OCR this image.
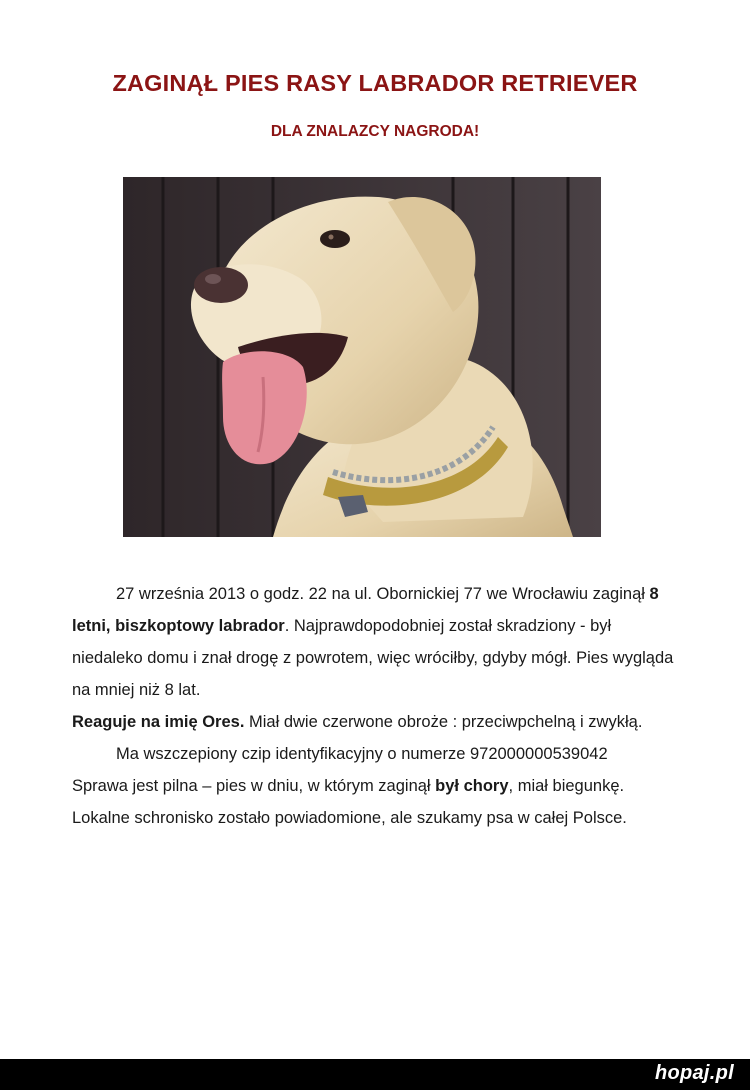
ZAGINĄŁ PIES RASY LABRADOR RETRIEVER
DLA ZNALAZCY NAGRODA!

27 września 2013 o godz. 22 na ul. Obornickiej 77 we Wrocławiu zaginął 8 letni, biszkoptowy labrador. Najprawdopodobniej został skradziony - był niedaleko domu i znał drogę z powrotem, więc wróciłby, gdyby mógł. Pies wygląda na mniej niż 8 lat.

Reaguje na imię Ores. Miał dwie czerwone obroże : przeciwpchelną i zwykłą.

Ma wszczepiony czip identyfikacyjny o numerze 972000000539042

Sprawa jest pilna – pies w dniu, w którym zaginął był chory, miał biegunkę.

Lokalne schronisko zostało powiadomione, ale szukamy psa w całej Polsce.

hopaj.pl
